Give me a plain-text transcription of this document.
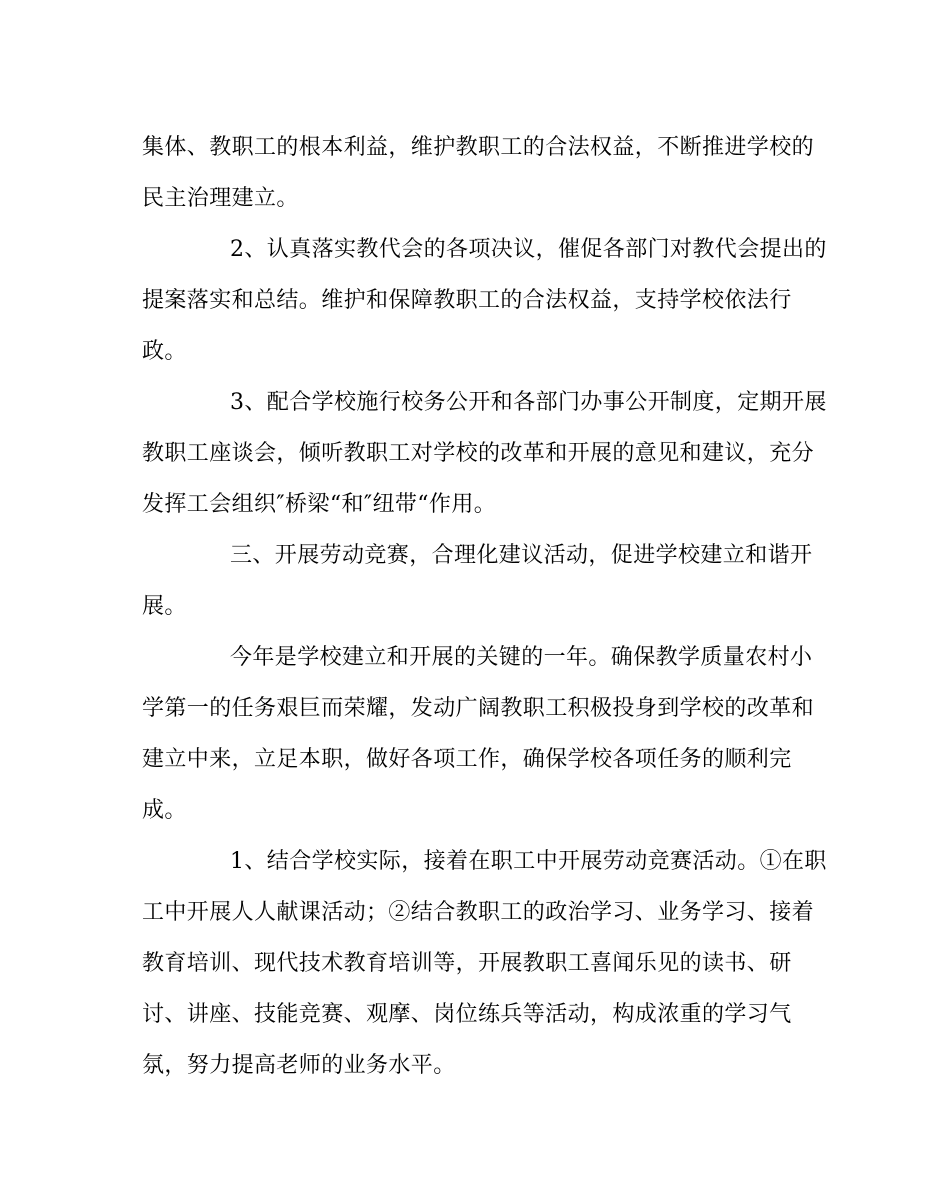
集体、教职工的根本利益，维护教职工的合法权益，不断推进学校的
民主治理建立。

2、认真落实教代会的各项决议，催促各部门对教代会提出的
提案落实和总结。维护和保障教职工的合法权益，支持学校依法行
政。

3、配合学校施行校务公开和各部门办事公开制度，定期开展
教职工座谈会，倾听教职工对学校的改革和开展的意见和建议，充分
发挥工会组织″桥梁“和″纽带“作用。

三、开展劳动竞赛，合理化建议活动，促进学校建立和谐开
展。

今年是学校建立和开展的关键的一年。确保教学质量农村小
学第一的任务艰巨而荣耀，发动广阔教职工积极投身到学校的改革和
建立中来，立足本职，做好各项工作，确保学校各项任务的顺利完
成。

1、结合学校实际，接着在职工中开展劳动竞赛活动。①在职
工中开展人人献课活动；②结合教职工的政治学习、业务学习、接着
教育培训、现代技术教育培训等，开展教职工喜闻乐见的读书、研
讨、讲座、技能竞赛、观摩、岗位练兵等活动，构成浓重的学习气
氛，努力提高老师的业务水平。
